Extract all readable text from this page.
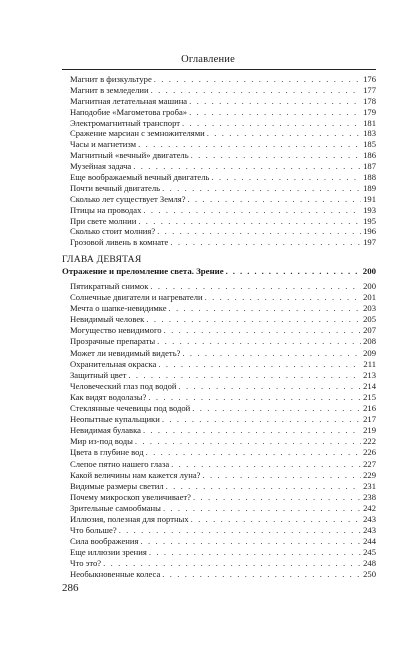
Оглавление
Магнит в физкультуре . . .	176
Магнит в земледелии . . .	177
Магнитная летательная машина . . .	178
Наподобие «Магометова гроба» . . .	179
Электромагнитный транспорт . . .	181
Сражение марсиан с земножителями . . .	183
Часы и магнетизм . . .	185
Магнитный «вечный» двигатель . . .	186
Музейная задача . . .	187
Еще воображаемый вечный двигатель . . .	188
Почти вечный двигатель . . .	189
Сколько лет существует Земля? . . .	191
Птицы на проводах . . .	193
При свете молнии . . .	195
Сколько стоит молния? . . .	196
Грозовой ливень в комнате . . .	197
ГЛАВА ДЕВЯТАЯ
Отражение и преломление света. Зрение . . .	200
Пятикратный снимок . . .	200
Солнечные двигатели и нагреватели . . .	201
Мечта о шапке-невидимке . . .	203
Невидимый человек . . .	205
Могущество невидимого . . .	207
Прозрачные препараты . . .	208
Может ли невидимый видеть? . . .	209
Охранительная окраска . . .	211
Защитный цвет . . .	213
Человеческий глаз под водой . . .	214
Как видят водолазы? . . .	215
Стеклянные чечевицы под водой . . .	216
Неопытные купальщики . . .	217
Невидимая булавка . . .	219
Мир из-под воды . . .	222
Цвета в глубине вод . . .	226
Слепое пятно нашего глаза . . .	227
Какой величины нам кажется луна? . . .	229
Видимые размеры светил . . .	231
Почему микроскоп увеличивает? . . .	238
Зрительные самообманы . . .	242
Иллюзия, полезная для портных . . .	243
Что больше? . . .	243
Сила воображения . . .	244
Еще иллюзии зрения . . .	245
Что это? . . .	248
Необыкновенные колеса . . .	250
286
